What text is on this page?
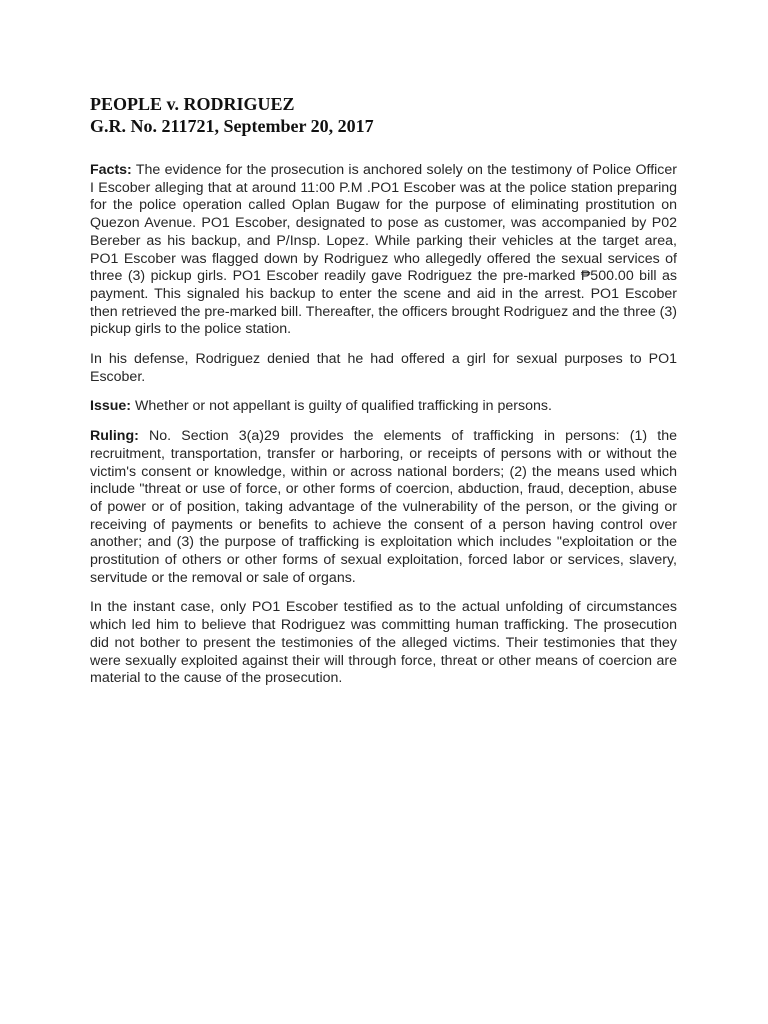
PEOPLE v. RODRIGUEZ

G.R. No. 211721, September 20, 2017

Facts: The evidence for the prosecution is anchored solely on the testimony of Police Officer I Escober alleging that at around 11:00 P.M .PO1 Escober was at the police station preparing for the police operation called Oplan Bugaw for the purpose of eliminating prostitution on Quezon Avenue. PO1 Escober, designated to pose as customer, was accompanied by P02 Bereber as his backup, and P/Insp. Lopez. While parking their vehicles at the target area, PO1 Escober was flagged down by Rodriguez who allegedly offered the sexual services of three (3) pickup girls. PO1 Escober readily gave Rodriguez the pre-marked ₱500.00 bill as payment. This signaled his backup to enter the scene and aid in the arrest. PO1 Escober then retrieved the pre-marked bill. Thereafter, the officers brought Rodriguez and the three (3) pickup girls to the police station.

In his defense, Rodriguez denied that he had offered a girl for sexual purposes to PO1 Escober.

Issue: Whether or not appellant is guilty of qualified trafficking in persons.

Ruling: No. Section 3(a)29 provides the elements of trafficking in persons: (1) the recruitment, transportation, transfer or harboring, or receipts of persons with or without the victim's consent or knowledge, within or across national borders; (2) the means used which include "threat or use of force, or other forms of coercion, abduction, fraud, deception, abuse of power or of position, taking advantage of the vulnerability of the person, or the giving or receiving of payments or benefits to achieve the consent of a person having control over another; and (3) the purpose of trafficking is exploitation which includes "exploitation or the prostitution of others or other forms of sexual exploitation, forced labor or services, slavery, servitude or the removal or sale of organs.

In the instant case, only PO1 Escober testified as to the actual unfolding of circumstances which led him to believe that Rodriguez was committing human trafficking. The prosecution did not bother to present the testimonies of the alleged victims. Their testimonies that they were sexually exploited against their will through force, threat or other means of coercion are material to the cause of the prosecution.
